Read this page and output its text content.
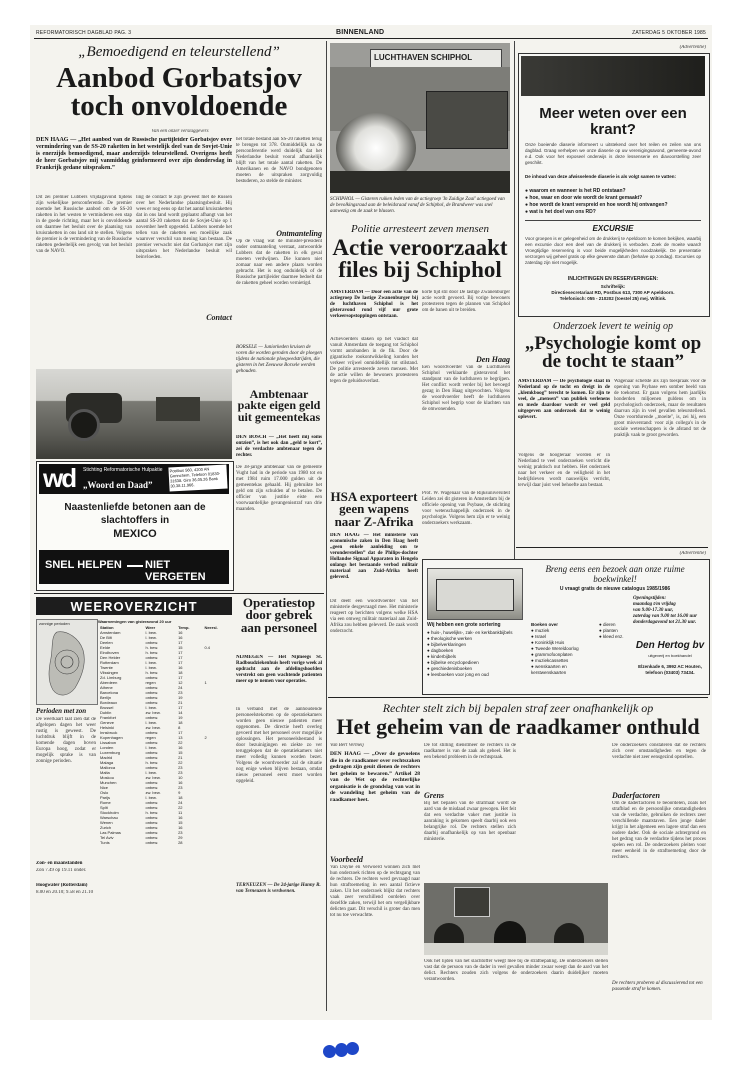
REFORMATORISCH DAGBLAD PAG. 3	BINNENLAND	ZATERDAG 5 OKTOBER 1985
„Bemoedigend en teleurstellend”
Aanbod Gorbatsjov toch onvoldoende
Van een onzer verslaggevers
DEN HAAG — „Het aanbod van de Russische partijleider Gorbatsjov over vermindering van de SS-20 raketten in het westelijk deel van de Sovjet-Unie is enerzijds bemoedigend, maar anderzijds teleurstellend. Overigens heeft de heer Gorbatsjov mij vanmiddag geinformeerd over zijn dondersdag in Frankrijk gedane uitspraken.”
Dit zei premier Lubbers vrijdagavond tijdens zijn wekelijkse persconferentie. De premier noemde het Russische aanbod om de SS-20 raketten in het westen te verminderen een stap in de goede richting, maar het is onvoldoende om daarmee het besluit over de plaatsing van kruisraketten in ons land uit te stellen. Volgens de premier is de vermindering van de Russische raketten gedeeltelijk een gevolg van het besluit van de NAVO.
ling de contact te zijn geweest met de Russen over het Nederlandse plaatsingsbesluit. Hij wees er nog eens op dat het aantal kruisraketten dat in ons land wordt geplaatst afhangt van het aantal SS-20 raketten dat de Sovjet-Unie op 1 november heeft opgesteld. Lubbers noemde het tellen van de raketten een moeilijke zaak waarover verschil van mening kan bestaan. De premier verwacht niet dat Gorbatsjov met zijn uitspraken het Nederlandse besluit wil beinvloeden.
Contact
het totale bestand aan SS-20 raketten terug te brengen tot 378. Onmiddellijk na de persconferentie werd duidelijk dat het Nederlandse besluit vooral afhankelijk blijft van het totale aantal raketten. De Amerikanen en de NAVO bondgenoten moeten de uitspraken zorgvuldig bestuderen, zo stelde de minister.
Ontmanteling
Op de vraag wat de minister-president onder ontmanteling verstaat, antwoordde Lubbers dat de raketten in elk geval moeten verdwijnen. Die kunnen niet zomaar naar een andere plaats worden gebracht. Het is nog onduidelijk of de Russische partijleider daarmee bedoelt dat de raketten geheel worden vernietigd.
BORSELE — Juniorkeden kruisen de voren die worden geroden door de ploegen tijdens de nationale ploegwedstrijden, die gisteren in het Zeeuwse Borsele werden gehouden.
Ambtenaar pakte eigen geld uit gemeentekas
DEN BOSCH — „Het heeft mij soms ontzien”, is het ook dan „geld te kort”, zei de verdachte ambtenaar tegen de rechter.
De 38-jarige ambtenaar van de gemeente Vught had in de periode van 1980 tot en met 1984 ruim 17.000 gulden uit de gemeentekas gehaald. Hij gebruikte het geld om zijn schulden af te betalen. De officier van justitie eiste een voorwaardelijke gevangenisstraf van drie maanden.
wd Stichting Reformatorische Hulpaktie
„Woord en Daad”
Postbus 560, 4200 AN Gorinchem. Telefoon 01830-31638. Giro 36.05.26 Bank 30.38.11.966.
Naastenliefde betonen aan de
slachtoffers in
MEXICO
SNEL HELPEN NIET VERGETEN
WEEROVERZICHT
zonnige perioden	Waarnemingen van gisteravond 20 uur
Station	Weer	Temp.	Neersl.
Amsterdam	l. bew.	16	
De Bilt	l. bew.	16	
Deelen	onbew.	17	
Eelde	h. bew.	15	0.4
Eindhoven	h. bew.	17	
Den Helder	onbew.	17	
Rotterdam	l. bew.	17	
Twente	l. bew.	16	
Vlissingen	h. bew.	18	
Zd. Limburg	onbew.	17	
Aberdeen	regen	12	1
Athene	onbew.	24	
Barcelona	onbew.	23	
Berlijn	onbew.	19	
Bordeaux	onbew.	21	
Brussel	l. bew.	17	
Dublin	zw. bew.	14	
Frankfort	onbew.	19	
Geneve	l. bew.	18	
Helsinki	zw. bew.	8	
Innsbruck	onbew.	17	
Kopenhagen	regen	13	2
Lissabon	onbew.	22	
Londen	l. bew.	16	
Luxemburg	onbew.	15	
Madrid	onbew.	21	
Malaga	h. bew.	22	
Mallorca	onbew.	23	
Malta	l. bew.	23	
Moskou	zw. bew.	10	
Munchen	onbew.	16	
Nice	onbew.	23	
Oslo	zw. bew.	9	
Parijs	l. bew.	18	
Rome	onbew.	24	
Split	onbew.	22	
Stockholm	h. bew.	11	
Warschau	onbew.	16	
Wenen	onbew.	15	
Zurich	onbew.	16	
Las Palmas	onbew.	23	
Tel Aviv	onbew.	29	
Tunis	onbew.	28	
Perioden met zon
De weerkaart laat zien dat de afgelopen dagen het weer rustig is geweest. De luchtdruk blijft in de komende dagen boven Europa hoog, zodat er mogelijk sprake is van zonnige perioden.
Zon- en maanstanden
Zon 7.49 op 19.11 onder.
Hoogwater (Rotterdam)
8.00 en 20.10; 9.58 en 21.10
Operatiestop door gebrek aan personeel
NIJMEGEN — Het Nijmeegs St. Radboudziekenhuis heeft vorige week al opdracht aan de afdelingshoofden verstrekt om geen wachtende patienten meer op te nemen voor operaties.
In verband met de aanhoudende personeelstekorten op de operatiekamers worden geen nieuwe patienten meer opgenomen. De directie heeft overleg gevoerd met het personeel over mogelijke oplossingen. Het personeelsbestand is door bezuinigingen en ziekte zo ver teruggelopen dat de operatiekamers niet meer volledig kunnen worden bezet. Volgens de woordvoerder zal de situatie nog enige weken blijven bestaan, omdat nieuw personeel eerst moet worden opgeleid.
TERNEUZEN — De 24-jarige Hanny R. van Terneuzen is verdwenen.
LUCHTHAVEN SCHIPHOL
SCHIPHOL — Gisteren ruiken leden van de actiegroep 'In Zuidige Zaal' actiegoed van de bevolkingsraad aan de beleidsraad vanaf de Schiphol, de Brandweer was snel aanwezig om de zaak te blussen.
Politie arresteert zeven mensen
Actie veroorzaakt files bij Schiphol
AMSTERDAM — Door een actie van de actiegroep De lastige Zwanenburger bij de luchthaven Schiphol is het gisteravond rond vijf uur grote verkeersopstoppingen ontstaan.
Actievoerders staken op het viaduct dat vanuit Amsterdam de toegang tot Schiphol vormt autobanden in de fik. Door de gigantische rookontwikkeling konden het verkeer vrijwel onmiddellijk tot stilstand. De politie arresteerde zeven mensen. Met de actie willen de bewoners protesteren tegen de geluidsoverlast.
korte tijd stil door De lastige Zwanenburger actie wordt gevoerd. Bij vorige bewoners protesteren tegen de plannen van Schiphol om de banen uit te breiden.
Den Haag
Een woordvoerder van de Luchthaven Schiphol verklaarde gisteravond het standpunt van de luchthaven te begrijpen. Het conflict wordt verder bij het bevoegd gezag in Den Haag uitgevochten. Volgens de woordvoerder heeft de luchthaven Schiphol wel begrip voor de klachten van de omwonenden.
HSA exporteert geen wapens naar Z-Afrika
DEN HAAG — Het ministerie van economische zaken in Den Haag heeft „geen enkele aanleiding om te veronderstellen” dat de Philips-dochter Hollandse Signaal Apparaten in Hengelo onlangs het bestaande verbod militair materiaal aan Zuid-Afrika heeft geleverd.
Dit deelt een woordvoerder van het ministerie desgevraagd mee. Het ministerie reageert op berichten volgens welke HSA via een omweg militair materiaal aan Zuid-Afrika zou hebben geleverd. De zaak wordt onderzocht.
Prof. W. Wagenaar van de Rijksuniversiteit Leiden zei dit gisteren in Amsterdam bij de officiele opening van Psybase, de stichting voor wetenschappelijk onderzoek in de psychologie. Volgens hem zijn er te weinig onderzoekers werkzaam.
(Advertentie)
Meer weten over een krant?
Onze boeiende diaserie informeert u uitstekend over het reilen en zeilen van ons dagblad. Graag verhelpen we onze diaserie op uw verenigingsavond, gemeente-avond e.d. Ook voor het exposeel onderwijs is deze lessenserie en diavoorstelling zeer geschikt.
De inhoud van deze afwisselende diaserie is als volgt samen te vatten:
● waarom en wanneer is het RD ontstaan?
● hoe, waar en door wie wordt de krant gemaakt?
● hoe wordt de krant verspreid en hoe wordt hij ontvangen?
● wat is het doel van ons RD?
EXCURSIE
Voor groepen is er gelegenheid om de drukkerij te Apeldoorn te komen bekijken, waarbij een excursie door een deel van de drukkerij is verboden. Zoek de moeite waard! Vroegtijdige reservering is voor beide mogelijkheden noodzakelijk. De presentatie verzorgen wij geheel gratis op elke gewenste datum (behalve op zondag). Excursies op zaterdag zijn niet mogelijk.
INLICHTINGEN EN RESERVERINGEN:
Schriftelijk:
Directiesecretariaat RD, Postbus 613, 7300 AP Apeldoorn.
Telefonisch: 055 - 210202 (toestel 25) mej. Wiltink.
Onderzoek levert te weinig op
„Psychologie komt op de tocht te staan”
AMSTERDAM — De psychologie staat in Nederland op de tocht en dreigt in de „klemkboog” terecht te komen. Er zijn te veel, de „mensen” van publiek verlenens en mede daardoor wordt er veel geld uitgegeven aan onderzoek dat te weinig oplevert.
Volgens de hoogleraar worden er in Nederland te veel onderzoeken verricht die weinig praktisch nut hebben. Het onderzoek naar het verkeer en de veiligheid in het bedrijfsleven wordt nauwelijks verricht, terwijl daar juist veel behoefte aan bestaat.
Wagenaar schetste als zijn toespraak voor de opening van Psybase een somber beeld van de toekomst. Er gaan volgens hem jaarlijks honderden miljoenen guldens om in psychologisch onderzoek, maar de resultaten daarvan zijn in veel gevallen teleurstellend. Onze voortdurende ,,moeite'', is, zei hij, een groot misverstand: voor zijn collega's in de sociale wetenschappen is de afstand tot de praktijk vaak te groot geworden.
(Advertentie)
Breng eens een bezoek aan onze ruime boekwinkel!
U vraagt gratis de nieuwe catalogus 1985/1986
Openingstijden:
maandag t/m vrijdag
van 9.00-17.30 uur,
zaterdag van 9.00 tot 16.00 uur
donderdagavond tot 21.30 uur.
Wij hebben een grote sortering
● huis-, huwelijks-, zak- en kerkbankbijbels
● theologische werken
● bijbelverklaringen
● dagboeken
● kinderbijbels
● bijbelse encyclopedieen
● geschiedenisboeken
● leesboeken voor jong en oud
Boeken over
● muziek
● Israel
● Koninklijk Huis
● Tweede Wereldoorlog
● grammofoonplaten
● muziekcassettes
● wenskaarten en kerstwenskaarten
● dieren
● planten
● kleed enz.
Den Hertog bv
uitgeverij en boekhandel
Elzenkade 6, 3992 AC Houten, telefoon (03403) 73434.
Rechter stelt zich bij bepalen straf zeer onafhankelijk op
Het geheim van de raadkamer onthuld
Van Bert Vermeij
DEN HAAG — „Over de gevoelens die in de raadkamer over rechtszaken gedragen zijn geuit dienen de rechters het geheim te bewaren.” Artikel 28 van de Wet op de rechterlijke organisatie is de grondslag van wat in de wandeling het geheim van de raadkamer heet.
Voorbeeld
Van Duyne en Verwoerd wonnen zich met hun onderzoek richten op de rechtsgang van de rechters. De rechters werd gevraagd naar hun straftoemeting in een aantal fictieve zaken. Uit het onderzoek blijkt dat rechters vaak zeer verschillend oordelen over dezelfde zaken, terwijl het om vergelijkbare delicten gaat. Dit verschil is groter dan men tot nu toe verwachtte.
De tot stilling dienstmeer de rechters in de raadkamer is van de zaak als geheel. Het is een bekend probleem in de rechtspraak.
Grens
Bij het bepalen van de strafmaat wordt de aard van de misdaad zwaar gewogen. Het feit dat een verdachte vaker met justitie in aanraking is gekomen speelt daarbij ook een belangrijke rol. De rechters stellen zich daarbij onafhankelijk op van het openbaar ministerie.
Ook het lijden van het slachtoffer weegt mee bij de strafbepaling. De onderzoekers stellen vast dat de persoon van de dader in veel gevallen minder zwaar weegt dan de aard van het delict. Rechters zouden zich volgens de onderzoekers daarin duidelijker moeten verantwoorden.
De onderzoekers constateren dat de rechters zich over omstandigheden en tegen de verdachte niet zeer eensgezind opstellen.
Daderfactoren
Om de daderfactoren te beoordelen, zoals het strafblad en de persoonlijke omstandigheden van de verdachte, gebruiken de rechters zeer verschillende maatstaven. Een jonge dader krijgt in het algemeen een lagere straf dan een oudere dader. Ook de sociale achtergrond en het gedrag van de verdachte tijdens het proces spelen een rol. De onderzoekers pleiten voor meer eenheid in de straftoemeting door de rechters.
De rechters proberen al discussierend tot een passende straf te komen.
